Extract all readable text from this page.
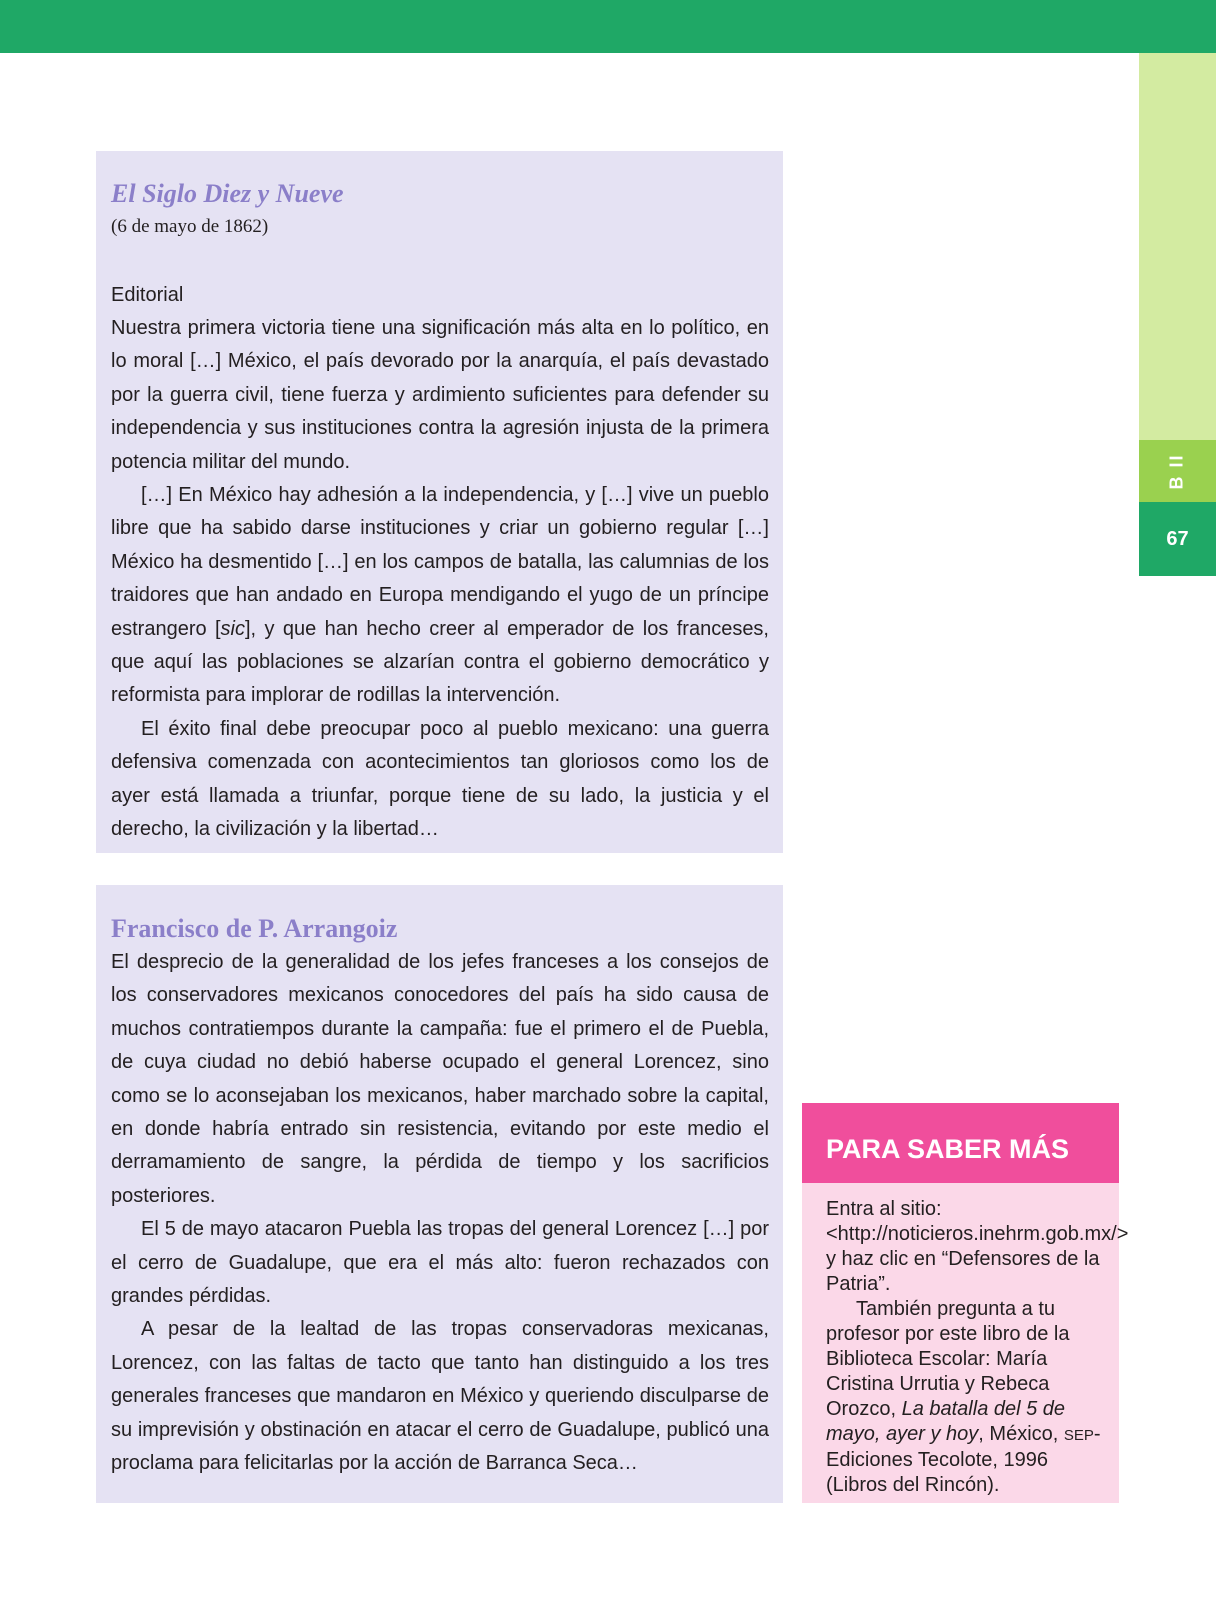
B II
67
El Siglo Diez y Nueve
(6 de mayo de 1862)
Editorial

Nuestra primera victoria tiene una significación más alta en lo político, en lo moral […] México, el país devorado por la anarquía, el país devastado por la guerra civil, tiene fuerza y ardimiento suficientes para defender su independencia y sus instituciones contra la agresión injusta de la primera potencia militar del mundo.

[…] En México hay adhesión a la independencia, y […] vive un pueblo libre que ha sabido darse instituciones y criar un gobierno regular […] México ha desmentido […] en los campos de batalla, las calumnias de los traidores que han andado en Europa mendigando el yugo de un príncipe estrangero [sic], y que han hecho creer al emperador de los franceses, que aquí las poblaciones se alzarían contra el gobierno democrático y reformista para implorar de rodillas la intervención.

El éxito final debe preocupar poco al pueblo mexicano: una guerra defensiva comenzada con acontecimientos tan gloriosos como los de ayer está llamada a triunfar, porque tiene de su lado, la justicia y el derecho, la civilización y la libertad…

Francisco de P. Arrangoiz

El desprecio de la generalidad de los jefes franceses a los consejos de los conservadores mexicanos conocedores del país ha sido causa de muchos contratiempos durante la campaña: fue el primero el de Puebla, de cuya ciudad no debió haberse ocupado el general Lorencez, sino como se lo aconsejaban los mexicanos, haber marchado sobre la capital, en donde habría entrado sin resistencia, evitando por este medio el derramamiento de sangre, la pérdida de tiempo y los sacrificios posteriores.

El 5 de mayo atacaron Puebla las tropas del general Lorencez […] por el cerro de Guadalupe, que era el más alto: fueron rechazados con grandes pérdidas.

A pesar de la lealtad de las tropas conservadoras mexicanas, Lorencez, con las faltas de tacto que tanto han distinguido a los tres generales franceses que mandaron en México y queriendo disculparse de su imprevisión y obstinación en atacar el cerro de Guadalupe, publicó una proclama para felicitarlas por la acción de Barranca Seca…

PARA SABER MÁS

Entra al sitio: <http://noticieros.inehrm.gob.mx/> y haz clic en “Defensores de la Patria”.

También pregunta a tu profesor por este libro de la Biblioteca Escolar: María Cristina Urrutia y Rebeca Orozco, La batalla del 5 de mayo, ayer y hoy, México, SEP-Ediciones Tecolote, 1996 (Libros del Rincón).
